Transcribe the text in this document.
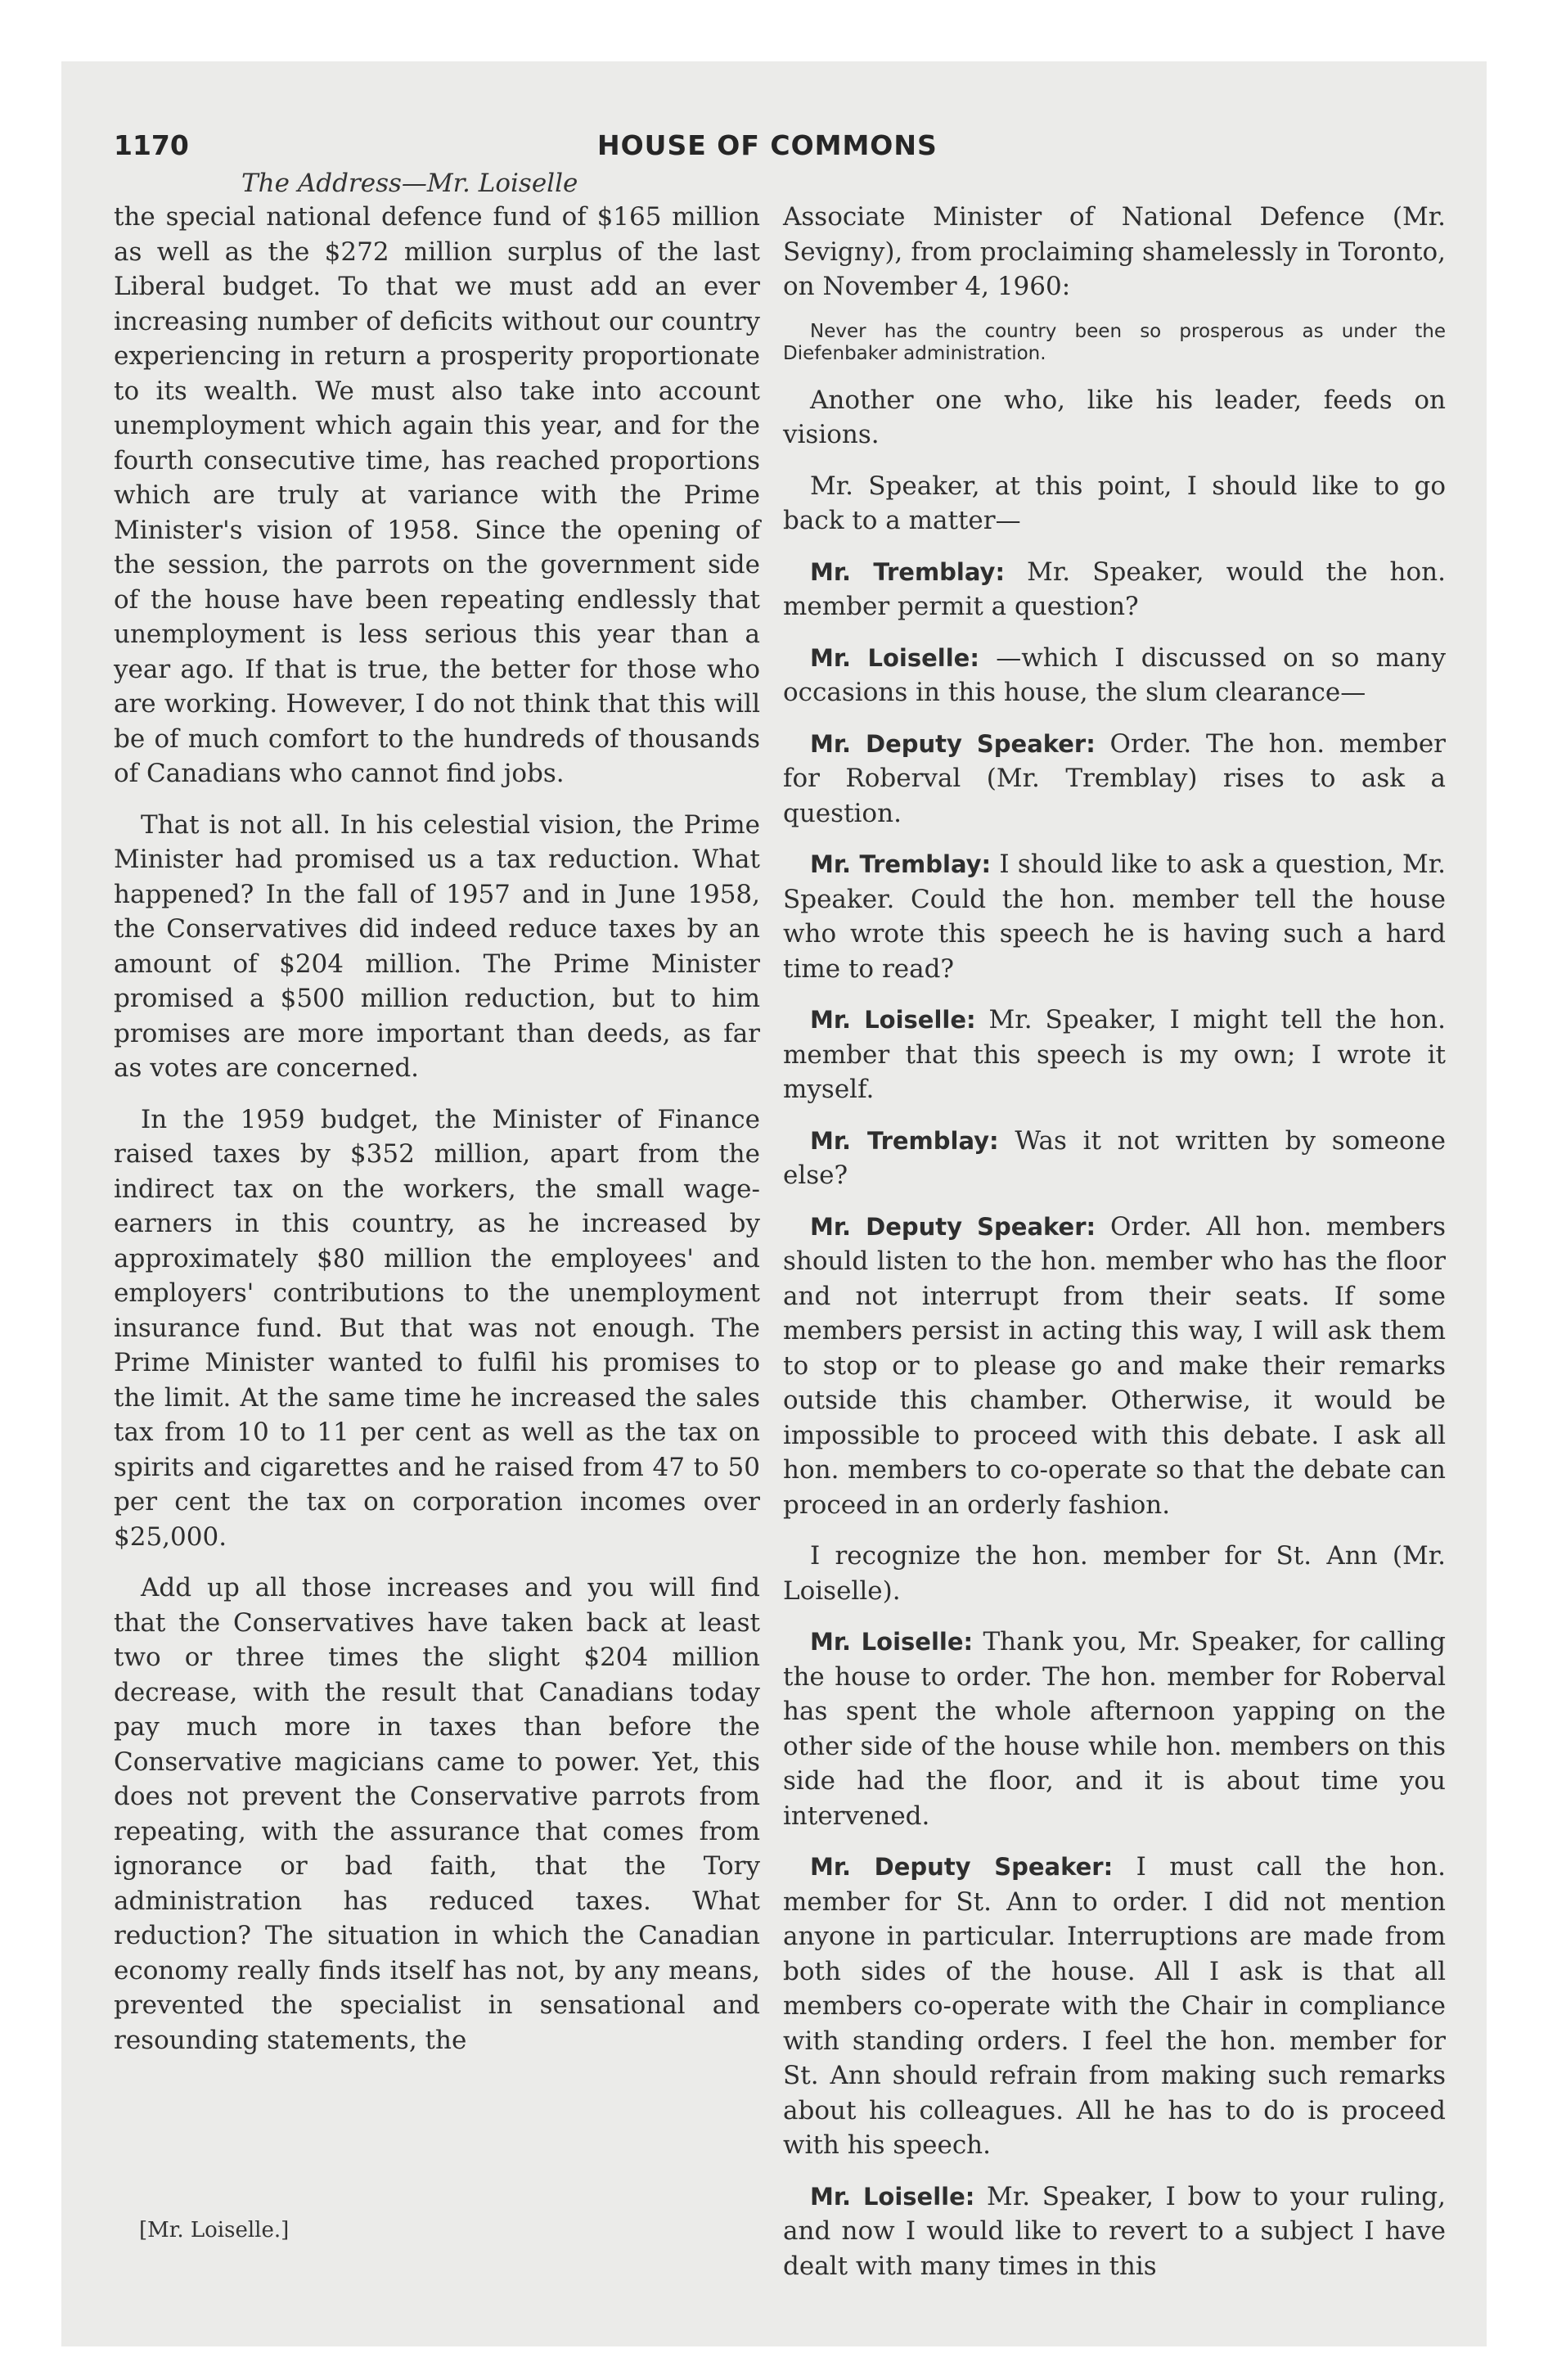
1170	HOUSE OF COMMONS
The Address—Mr. Loiselle

the special national defence fund of $165 million as well as the $272 million surplus of the last Liberal budget. To that we must add an ever increasing number of deficits without our country experiencing in return a prosperity proportionate to its wealth. We must also take into account unemployment which again this year, and for the fourth consecutive time, has reached proportions which are truly at variance with the Prime Minister's vision of 1958. Since the opening of the session, the parrots on the government side of the house have been repeating endlessly that unemployment is less serious this year than a year ago. If that is true, the better for those who are working. However, I do not think that this will be of much comfort to the hundreds of thousands of Canadians who cannot find jobs.

That is not all. In his celestial vision, the Prime Minister had promised us a tax reduction. What happened? In the fall of 1957 and in June 1958, the Conservatives did indeed reduce taxes by an amount of $204 million. The Prime Minister promised a $500 million reduction, but to him promises are more important than deeds, as far as votes are concerned.

In the 1959 budget, the Minister of Finance raised taxes by $352 million, apart from the indirect tax on the workers, the small wage-earners in this country, as he increased by approximately $80 million the employees' and employers' contributions to the unemployment insurance fund. But that was not enough. The Prime Minister wanted to fulfil his promises to the limit. At the same time he increased the sales tax from 10 to 11 per cent as well as the tax on spirits and cigarettes and he raised from 47 to 50 per cent the tax on corporation incomes over $25,000.

Add up all those increases and you will find that the Conservatives have taken back at least two or three times the slight $204 million decrease, with the result that Canadians today pay much more in taxes than before the Conservative magicians came to power. Yet, this does not prevent the Conservative parrots from repeating, with the assurance that comes from ignorance or bad faith, that the Tory administration has reduced taxes. What reduction? The situation in which the Canadian economy really finds itself has not, by any means, prevented the specialist in sensational and resounding statements, the

Associate Minister of National Defence (Mr. Sevigny), from proclaiming shamelessly in Toronto, on November 4, 1960:

Never has the country been so prosperous as under the Diefenbaker administration.

Another one who, like his leader, feeds on visions.

Mr. Speaker, at this point, I should like to go back to a matter—

Mr. Tremblay: Mr. Speaker, would the hon. member permit a question?

Mr. Loiselle: —which I discussed on so many occasions in this house, the slum clearance—

Mr. Deputy Speaker: Order. The hon. member for Roberval (Mr. Tremblay) rises to ask a question.

Mr. Tremblay: I should like to ask a question, Mr. Speaker. Could the hon. member tell the house who wrote this speech he is having such a hard time to read?

Mr. Loiselle: Mr. Speaker, I might tell the hon. member that this speech is my own; I wrote it myself.

Mr. Tremblay: Was it not written by someone else?

Mr. Deputy Speaker: Order. All hon. members should listen to the hon. member who has the floor and not interrupt from their seats. If some members persist in acting this way, I will ask them to stop or to please go and make their remarks outside this chamber. Otherwise, it would be impossible to proceed with this debate. I ask all hon. members to co-operate so that the debate can proceed in an orderly fashion.

I recognize the hon. member for St. Ann (Mr. Loiselle).

Mr. Loiselle: Thank you, Mr. Speaker, for calling the house to order. The hon. member for Roberval has spent the whole afternoon yapping on the other side of the house while hon. members on this side had the floor, and it is about time you intervened.

Mr. Deputy Speaker: I must call the hon. member for St. Ann to order. I did not mention anyone in particular. Interruptions are made from both sides of the house. All I ask is that all members co-operate with the Chair in compliance with standing orders. I feel the hon. member for St. Ann should refrain from making such remarks about his colleagues. All he has to do is proceed with his speech.

Mr. Loiselle: Mr. Speaker, I bow to your ruling, and now I would like to revert to a subject I have dealt with many times in this

[Mr. Loiselle.]
